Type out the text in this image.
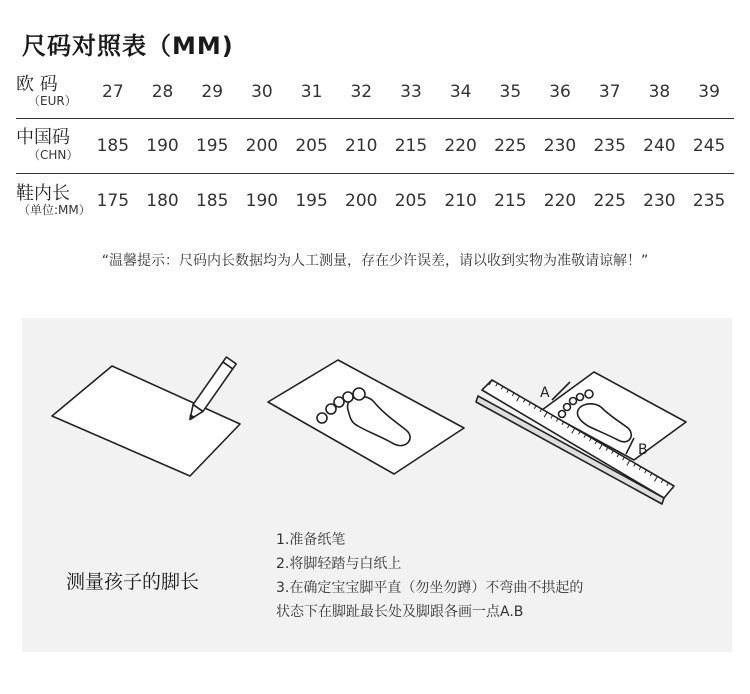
尺码对照表（MM)
欧 码
（EUR）	27	28	29	30	31	32	33	34	35	36	37	38	39

中国码
（CHN）	185	190	195	200	205	210	215	220	225	230	235	240	245

鞋内长
（单位:MM）	175	180	185	190	195	200	205	210	215	220	225	230	235
“温馨提示：尺码内长数据均为人工测量，存在少许误差，请以收到实物为准敬请谅解！”
A
B
测量孩子的脚长
1.准备纸笔
2.将脚轻踏与白纸上
3.在确定宝宝脚平直（勿坐勿蹲）不弯曲不拱起的
状态下在脚趾最长处及脚跟各画一点A.B
